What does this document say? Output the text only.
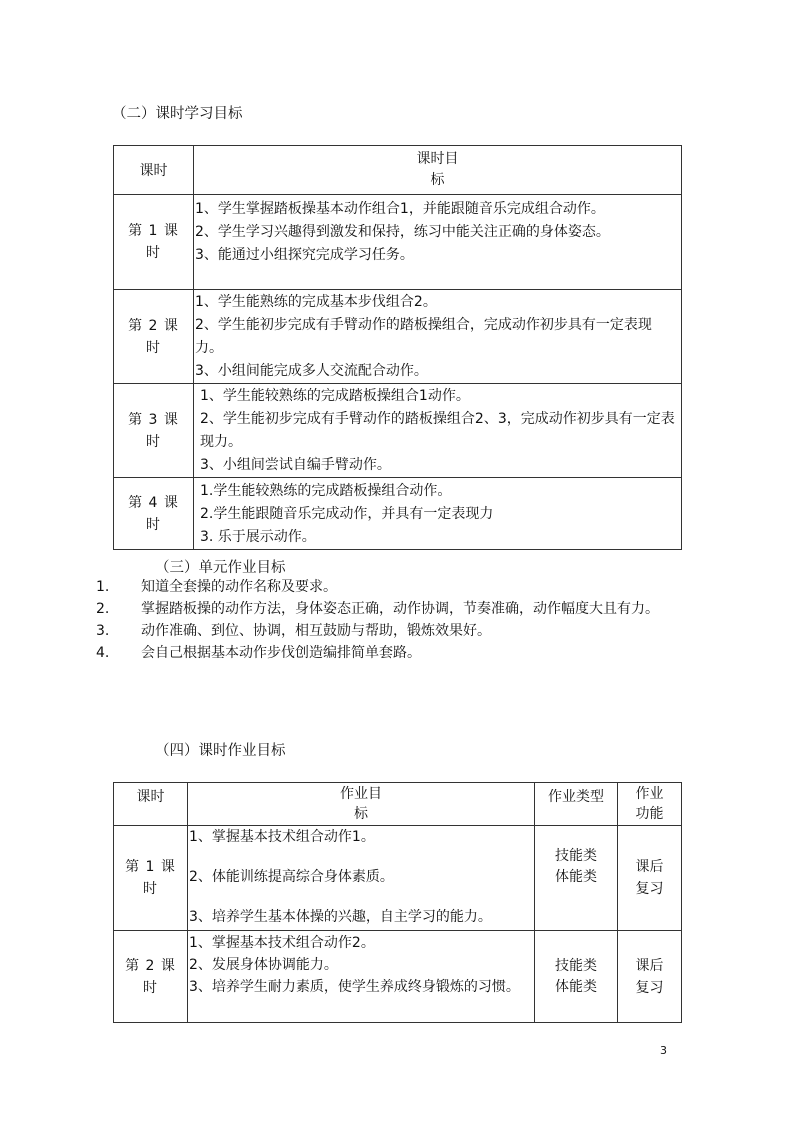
（二）课时学习目标
课时	课时目
标

第 1 课
时	1、学生掌握踏板操基本动作组合1，并能跟随音乐完成组合动作。
2、学生学习兴趣得到激发和保持，练习中能关注正确的身体姿态。
3、能通过小组探究完成学习任务。

第 2 课
时	1、学生能熟练的完成基本步伐组合2。
2、学生能初步完成有手臂动作的踏板操组合，完成动作初步具有一定表现力。
3、小组间能完成多人交流配合动作。

第 3 课
时	1、学生能较熟练的完成踏板操组合1动作。
2、学生能初步完成有手臂动作的踏板操组合2、3，完成动作初步具有一定表现力。
3、小组间尝试自编手臂动作。

第 4 课
时	1.学生能较熟练的完成踏板操组合动作。
2.学生能跟随音乐完成动作，并具有一定表现力
3. 乐于展示动作。
（三）单元作业目标
1.	知道全套操的动作名称及要求。
2.	掌握踏板操的动作方法，身体姿态正确，动作协调，节奏准确，动作幅度大且有力。
3.	动作准确、到位、协调，相互鼓励与帮助，锻炼效果好。
4.	会自己根据基本动作步伐创造编排简单套路。
（四）课时作业目标
课时	作业目
标	作业类型	作业
功能

第 1 课
时	1、掌握基本技术组合动作1。
2、体能训练提高综合身体素质。
3、培养学生基本体操的兴趣，自主学习的能力。	技能类
体能类	课后
复习

第 2 课
时	1、掌握基本技术组合动作2。
2、发展身体协调能力。
3、培养学生耐力素质，使学生养成终身锻炼的习惯。	技能类
体能类	课后
复习
3
